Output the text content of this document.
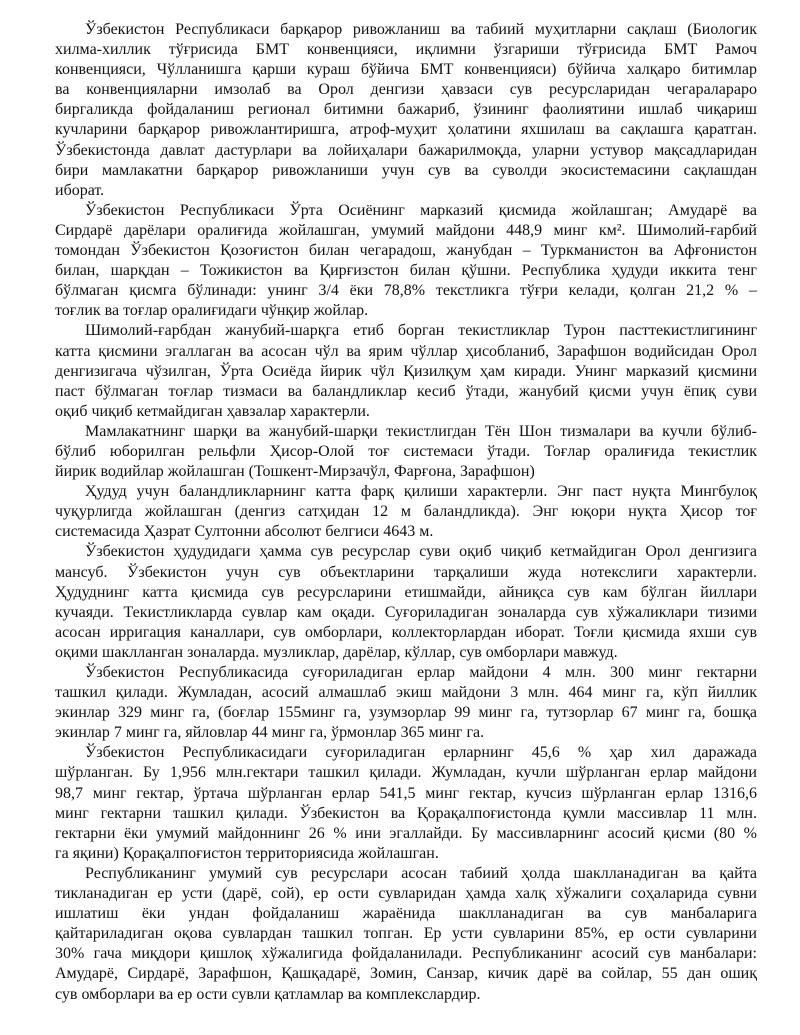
Ўзбекистон Республикаси барқарор ривожланиш ва табиий муҳитларни сақлаш (Биологик
хилма-хиллик тўғрисида БМТ конвенцияси, иқлимни ўзгариши тўғрисида БМТ Рамоч
конвенцияси, Чўлланишга қарши кураш бўйича БМТ конвенцияси) бўйича халқаро битимлар
ва конвенцияларни имзолаб ва Орол денгизи ҳавзаси сув ресурсларидан чегаралараро
биргаликда фойдаланиш регионал битимни бажариб, ўзининг фаолиятини ишлаб чиқариш
кучларини барқарор ривожлантиришга, атроф-муҳит ҳолатини яхшилаш ва сақлашга қаратган.
Ўзбекистонда давлат дастурлари ва лойиҳалари бажарилмоқда, уларни устувор мақсадларидан
бири мамлакатни барқарор ривожланиши учун сув ва суволди экосистемасини сақлашдан
иборат.
Ўзбекистон Республикаси Ўрта Осиёнинг марказий қисмида жойлашган; Амударё ва
Сирдарё дарёлари оралиғида жойлашган, умумий майдони 448,9 минг км². Шимолий-ғарбий
томондан Ўзбекистон Қозоғистон билан чегарадош, жанубдан – Туркманистон ва Афғонистон
билан, шарқдан – Тожикистон ва Қирғизстон билан қўшни. Республика ҳудуди иккита тенг
бўлмаган қисмга бўлинади: унинг 3/4 ёки 78,8% текстликга тўғри келади, қолган 21,2 % –
тоғлик ва тоғлар оралиғидаги чўнқир жойлар.
Шимолий-ғарбдан жанубий-шарқга етиб борган текистликлар Турон пасттекистлигининг
катта қисмини эгаллаган ва асосан чўл ва ярим чўллар ҳисобланиб, Зарафшон водийсидан Орол
денгизигача чўзилган, Ўрта Осиёда йирик чўл Қизилқум ҳам киради. Унинг марказий қисмини
паст бўлмаган тоғлар тизмаси ва баландликлар кесиб ўтади, жанубий қисми учун ёпиқ суви
оқиб чиқиб кетмайдиган ҳавзалар характерли.
Мамлакатнинг шарқи ва жанубий-шарқи текистлигдан Тён Шон тизмалари ва кучли бўлиб-
бўлиб юборилган рельфли Ҳисор-Олой тоғ системаси ўтади. Тоғлар оралиғида текистлик
йирик водийлар жойлашган (Тошкент-Мирзачўл, Фарғона, Зарафшон)
Ҳудуд учун баландликларнинг катта фарқ қилиши характерли. Энг паст нуқта Мингбулоқ
чуқурлигда жойлашган (денгиз сатҳидан 12 м баландликда). Энг юқори нуқта Ҳисор тоғ
системасида Ҳазрат Султонни абсолют белгиси 4643 м.
Ўзбекистон ҳудудидаги ҳамма сув ресурслар суви оқиб чиқиб кетмайдиган Орол денгизига
мансуб. Ўзбекистон учун сув объектларини тарқалиши жуда нотекслиги характерли.
Ҳудуднинг катта қисмида сув ресурсларини етишмайди, айниқса сув кам бўлган йиллари
кучаяди. Текистликларда сувлар кам оқади. Суғориладиган зоналарда сув хўжаликлари тизими
асосан ирригация каналлари, сув омборлари, коллекторлардан иборат. Тоғли қисмида яхши сув
оқими шаклланган зоналарда. музликлар, дарёлар, кўллар, сув омборлари мавжуд.
Ўзбекистон Республикасида суғориладиган ерлар майдони 4 млн. 300 минг гектарни
ташкил қилади. Жумладан, асосий алмашлаб экиш майдони 3 млн. 464 минг га, кўп йиллик
экинлар 329 минг га, (боғлар 155минг га, узумзорлар 99 минг га, тутзорлар 67 минг га, бошқа
экинлар 7 минг га, яйловлар 44 минг га, ўрмонлар 365 минг га.
Ўзбекистон Республикасидаги суғориладиган ерларнинг 45,6 % ҳар хил даражада
шўрланган. Бу 1,956 млн.гектари ташкил қилади. Жумладан, кучли шўрланган ерлар майдони
98,7 минг гектар, ўртача шўрланган ерлар 541,5 минг гектар, кучсиз шўрланган ерлар 1316,6
минг гектарни ташкил қилади. Ўзбекистон ва Қорақалпоғистонда қумли массивлар 11 млн.
гектарни ёки умумий майдоннинг 26 % ини эгаллайди. Бу массивларнинг асосий қисми (80 %
га яқини) Қорақалпоғистон территориясида жойлашган.
Республиканинг умумий сув ресурслари асосан табиий ҳолда шаклланадиган ва қайта
тикланадиган ер усти (дарё, сой), ер ости сувларидан ҳамда халқ хўжалиги соҳаларида сувни
ишлатиш ёки ундан фойдаланиш жараёнида шаклланадиган ва сув манбаларига
қайтариладиган оқова сувлардан ташкил топган. Ер усти сувларини 85%, ер ости сувларини
30% гача миқдори қишлоқ хўжалигида фойдаланилади. Республиканинг асосий сув манбалари:
Амударё, Сирдарё, Зарафшон, Қашқадарё, Зомин, Санзар, кичик дарё ва сойлар, 55 дан ошиқ
сув омборлари ва ер ости сувли қатламлар ва комплекслардир.
